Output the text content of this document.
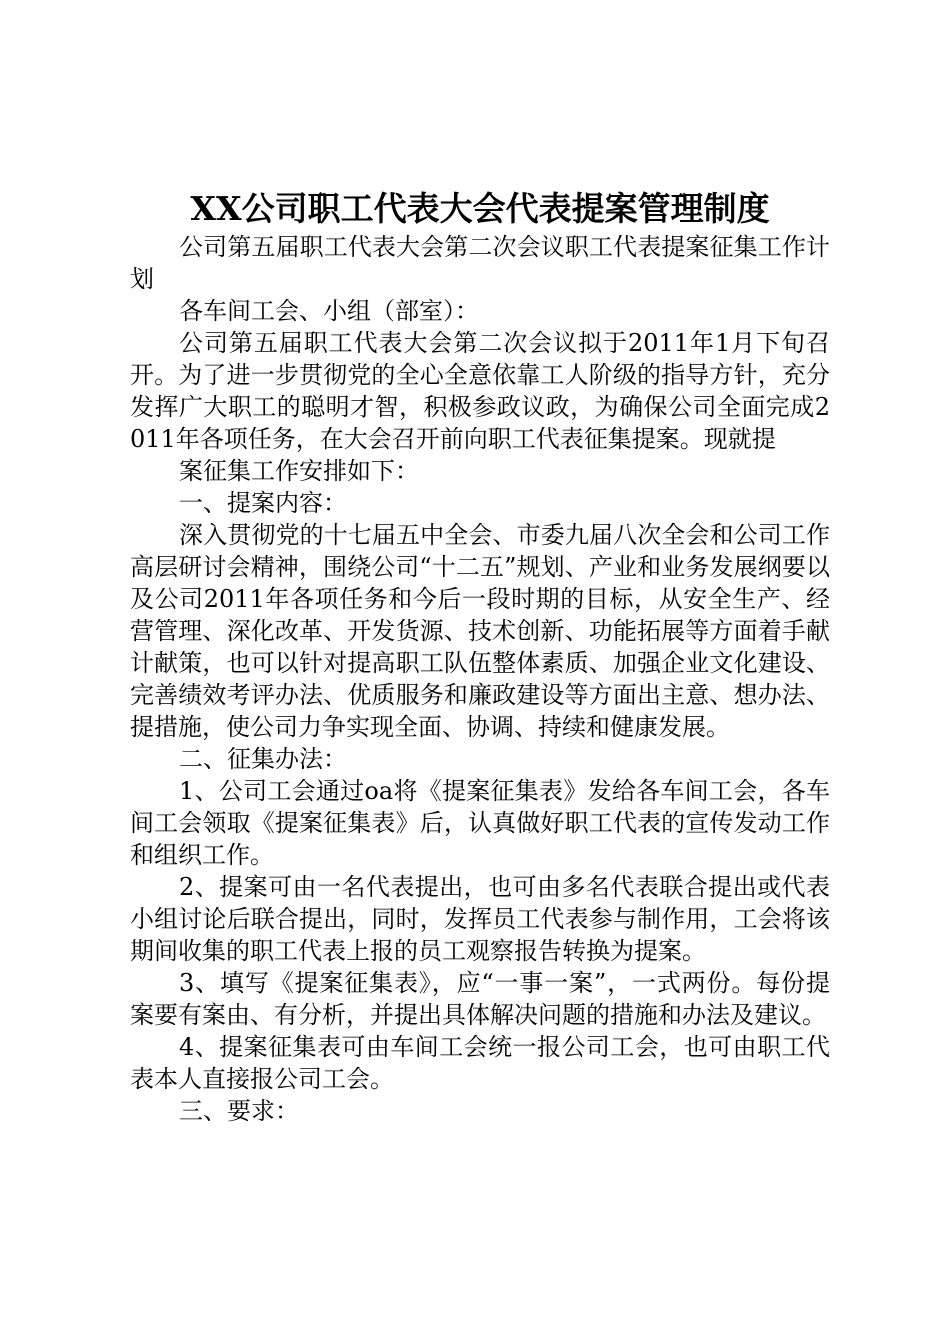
XX公司职工代表大会代表提案管理制度

公司第五届职工代表大会第二次会议职工代表提案征集工作计划

各车间工会、小组（部室）：

公司第五届职工代表大会第二次会议拟于2011年1月下旬召开。为了进一步贯彻党的全心全意依靠工人阶级的指导方针，充分发挥广大职工的聪明才智，积极参政议政，为确保公司全面完成2011年各项任务，在大会召开前向职工代表征集提案。现就提

案征集工作安排如下：

一、提案内容：

深入贯彻党的十七届五中全会、市委九届八次全会和公司工作高层研讨会精神，围绕公司“十二五”规划、产业和业务发展纲要以及公司2011年各项任务和今后一段时期的目标，从安全生产、经营管理、深化改革、开发货源、技术创新、功能拓展等方面着手献计献策，也可以针对提高职工队伍整体素质、加强企业文化建设、完善绩效考评办法、优质服务和廉政建设等方面出主意、想办法、提措施，使公司力争实现全面、协调、持续和健康发展。

二、征集办法：

1、公司工会通过oa将《提案征集表》发给各车间工会，各车间工会领取《提案征集表》后，认真做好职工代表的宣传发动工作和组织工作。

2、提案可由一名代表提出，也可由多名代表联合提出或代表小组讨论后联合提出，同时，发挥员工代表参与制作用，工会将该期间收集的职工代表上报的员工观察报告转换为提案。

3、填写《提案征集表》，应“一事一案”，一式两份。每份提案要有案由、有分析，并提出具体解决问题的措施和办法及建议。

4、提案征集表可由车间工会统一报公司工会，也可由职工代表本人直接报公司工会。

三、要求：
